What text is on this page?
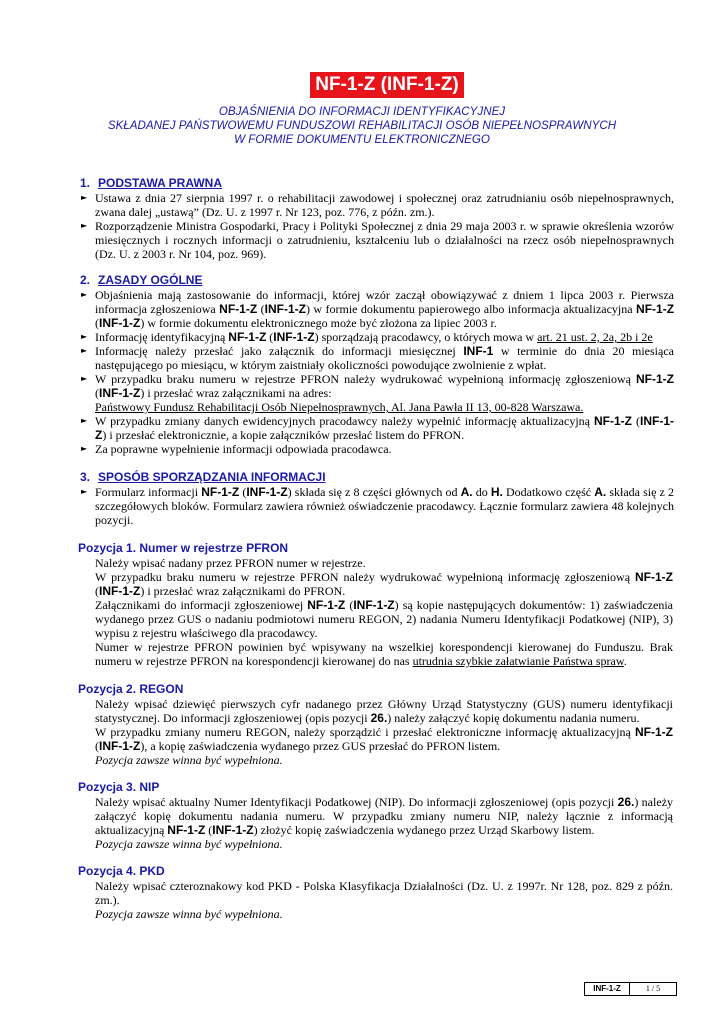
NF-1-Z (INF-1-Z)
OBJAŚNIENIA DO INFORMACJI IDENTYFIKACYJNEJ
SKŁADANEJ PAŃSTWOWEMU FUNDUSZOWI REHABILITACJI OSÓB NIEPEŁNOSPRAWNYCH
W FORMIE DOKUMENTU ELEKTRONICZNEGO
1. PODSTAWA PRAWNA

► Ustawa z dnia 27 sierpnia 1997 r. o rehabilitacji zawodowej i społecznej oraz zatrudnianiu osób niepełnosprawnych, zwana dalej „ustawą” (Dz. U. z 1997 r. Nr 123, poz. 776, z późn. zm.).

► Rozporządzenie Ministra Gospodarki, Pracy i Polityki Społecznej z dnia 29 maja 2003 r. w sprawie określenia wzorów miesięcznych i rocznych informacji o zatrudnieniu, kształceniu lub o działalności na rzecz osób niepełnosprawnych (Dz. U. z 2003 r. Nr 104, poz. 969).

2. ZASADY OGÓLNE

► Objaśnienia mają zastosowanie do informacji, której wzór zaczął obowiązywać z dniem 1 lipca 2003 r. Pierwsza informacja zgłoszeniowa NF-1-Z (INF-1-Z) w formie dokumentu papierowego albo informacja aktualizacyjna NF-1-Z (INF-1-Z) w formie dokumentu elektronicznego może być złożona za lipiec 2003 r.

► Informację identyfikacyjną NF-1-Z (INF-1-Z) sporządzają pracodawcy, o których mowa w art. 21 ust. 2, 2a, 2b i 2e

► Informację należy przesłać jako załącznik do informacji miesięcznej INF-1 w terminie do dnia 20 miesiąca następującego po miesiącu, w którym zaistniały okoliczności powodujące zwolnienie z wpłat.

► W przypadku braku numeru w rejestrze PFRON należy wydrukować wypełnioną informację zgłoszeniową NF-1-Z (INF-1-Z) i przesłać wraz załącznikami na adres:
Państwowy Fundusz Rehabilitacji Osób Niepełnosprawnych, Al. Jana Pawła II 13, 00-828 Warszawa.

► W przypadku zmiany danych ewidencyjnych pracodawcy należy wypełnić informację aktualizacyjną NF-1-Z (INF-1-Z) i przesłać elektronicznie, a kopie załączników przesłać listem do PFRON.

► Za poprawne wypełnienie informacji odpowiada pracodawca.

3. SPOSÓB SPORZĄDZANIA INFORMACJI

► Formularz informacji NF-1-Z (INF-1-Z) składa się z 8 części głównych od A. do H. Dodatkowo część A. składa się z 2 szczegółowych bloków. Formularz zawiera również oświadczenie pracodawcy. Łącznie formularz zawiera 48 kolejnych pozycji.

Pozycja 1. Numer w rejestrze PFRON

Należy wpisać nadany przez PFRON numer w rejestrze.

W przypadku braku numeru w rejestrze PFRON należy wydrukować wypełnioną informację zgłoszeniową NF-1-Z (INF-1-Z) i przesłać wraz załącznikami do PFRON.

Załącznikami do informacji zgłoszeniowej NF-1-Z (INF-1-Z) są kopie następujących dokumentów: 1) zaświadczenia wydanego przez GUS o nadaniu podmiotowi numeru REGON, 2) nadania Numeru Identyfikacji Podatkowej (NIP), 3) wypisu z rejestru właściwego dla pracodawcy.

Numer w rejestrze PFRON powinien być wpisywany na wszelkiej korespondencji kierowanej do Funduszu. Brak numeru w rejestrze PFRON na korespondencji kierowanej do nas utrudnia szybkie załatwianie Państwa spraw.

Pozycja 2. REGON

Należy wpisać dziewięć pierwszych cyfr nadanego przez Główny Urząd Statystyczny (GUS) numeru identyfikacji statystycznej. Do informacji zgłoszeniowej (opis pozycji 26.) należy załączyć kopię dokumentu nadania numeru.

W przypadku zmiany numeru REGON, należy sporządzić i przesłać elektroniczne informację aktualizacyjną NF-1-Z (INF-1-Z), a kopię zaświadczenia wydanego przez GUS przesłać do PFRON listem.

Pozycja zawsze winna być wypełniona.

Pozycja 3. NIP

Należy wpisać aktualny Numer Identyfikacji Podatkowej (NIP). Do informacji zgłoszeniowej (opis pozycji 26.) należy załączyć kopię dokumentu nadania numeru. W przypadku zmiany numeru NIP, należy łącznie z informacją aktualizacyjną NF-1-Z (INF-1-Z) złożyć kopię zaświadczenia wydanego przez Urząd Skarbowy listem.

Pozycja zawsze winna być wypełniona.

Pozycja 4. PKD

Należy wpisać czteroznakowy kod PKD - Polska Klasyfikacja Działalności (Dz. U. z 1997r. Nr 128, poz. 829 z późn. zm.).

Pozycja zawsze winna być wypełniona.

INF-1-Z	1 / 5
